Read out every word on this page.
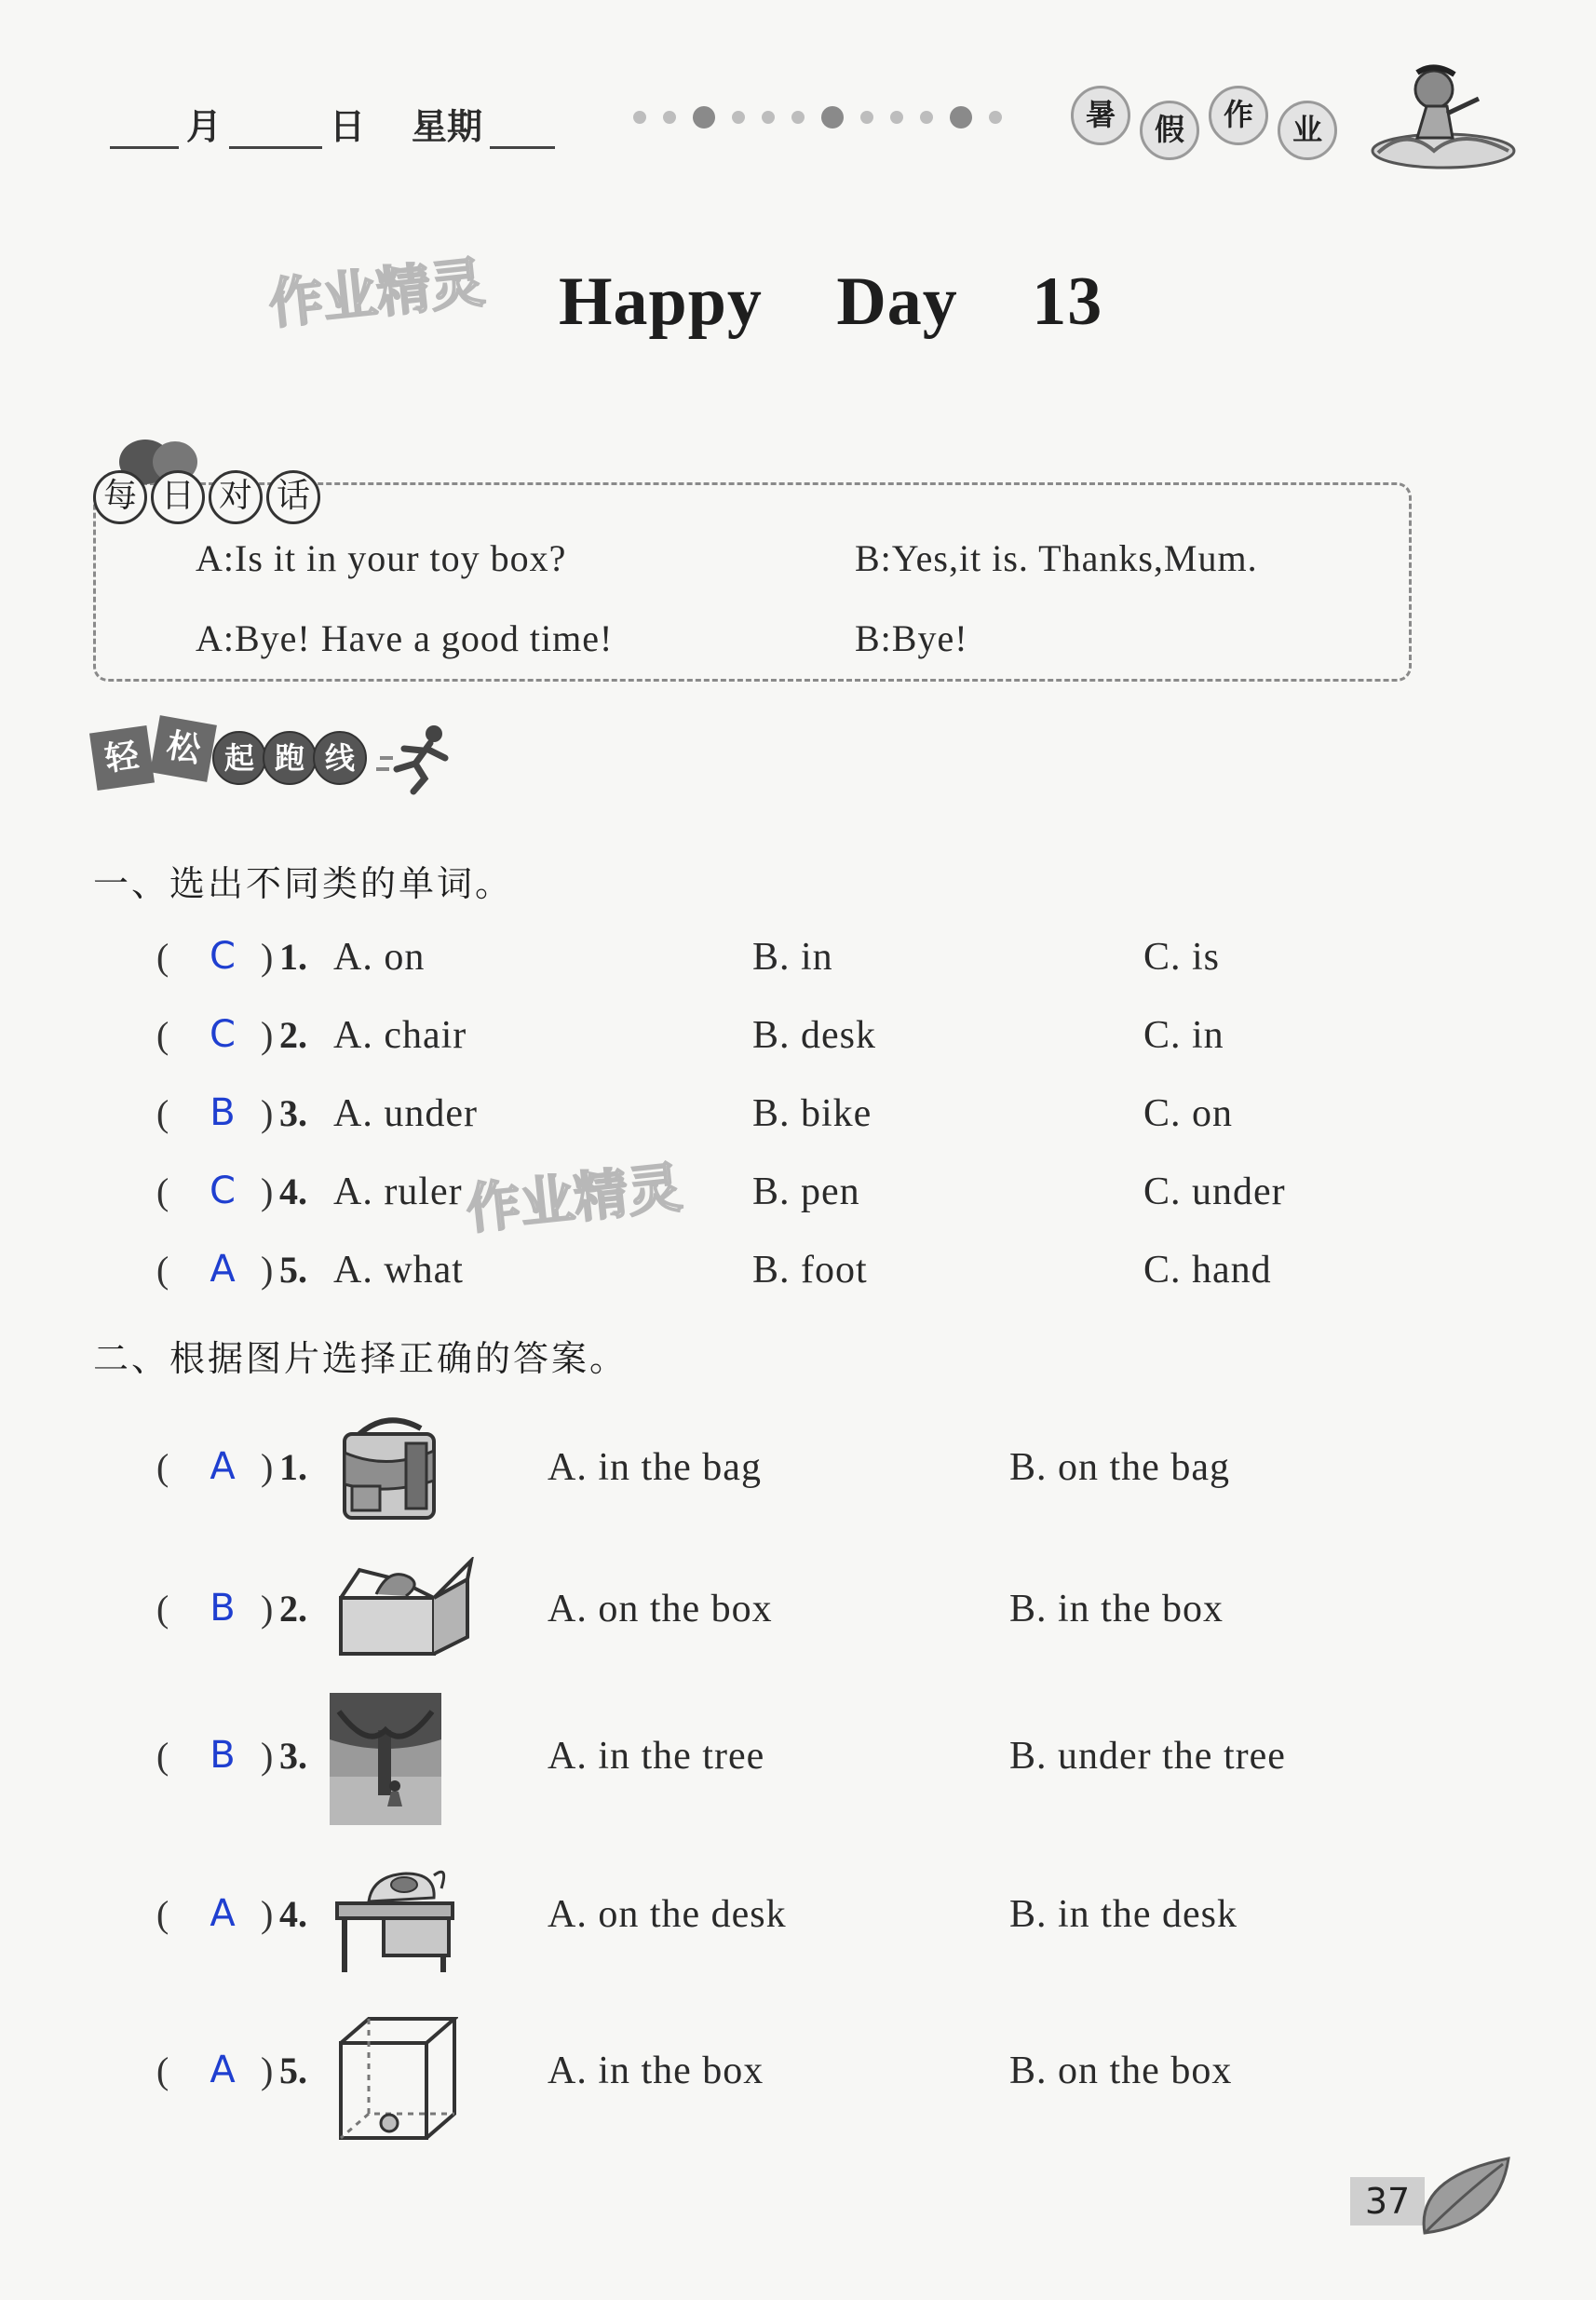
月	日 星期	暑	假	作	业
作业精灵 Happy Day 13
每 日 对 话
A:Is it in your toy box?	B:Yes,it is. Thanks,Mum.
A:Bye! Have a good time!	B:Bye!
轻 松 起 跑 线
一、选出不同类的单词。
( C ) 1. A. on	B. in	C. is
( C ) 2. A. chair	B. desk	C. in
( B ) 3. A. under	B. bike	C. on
( C ) 4. A. ruler	B. pen	C. under
作业精灵
( A ) 5. A. what	B. foot	C. hand
二、根据图片选择正确的答案。
( A ) 1.	A. in the bag	B. on the bag
( B ) 2.	A. on the box	B. in the box
( B ) 3.	A. in the tree	B. under the tree
( A ) 4.	A. on the desk	B. in the desk
( A ) 5.	A. in the box	B. on the box
37
